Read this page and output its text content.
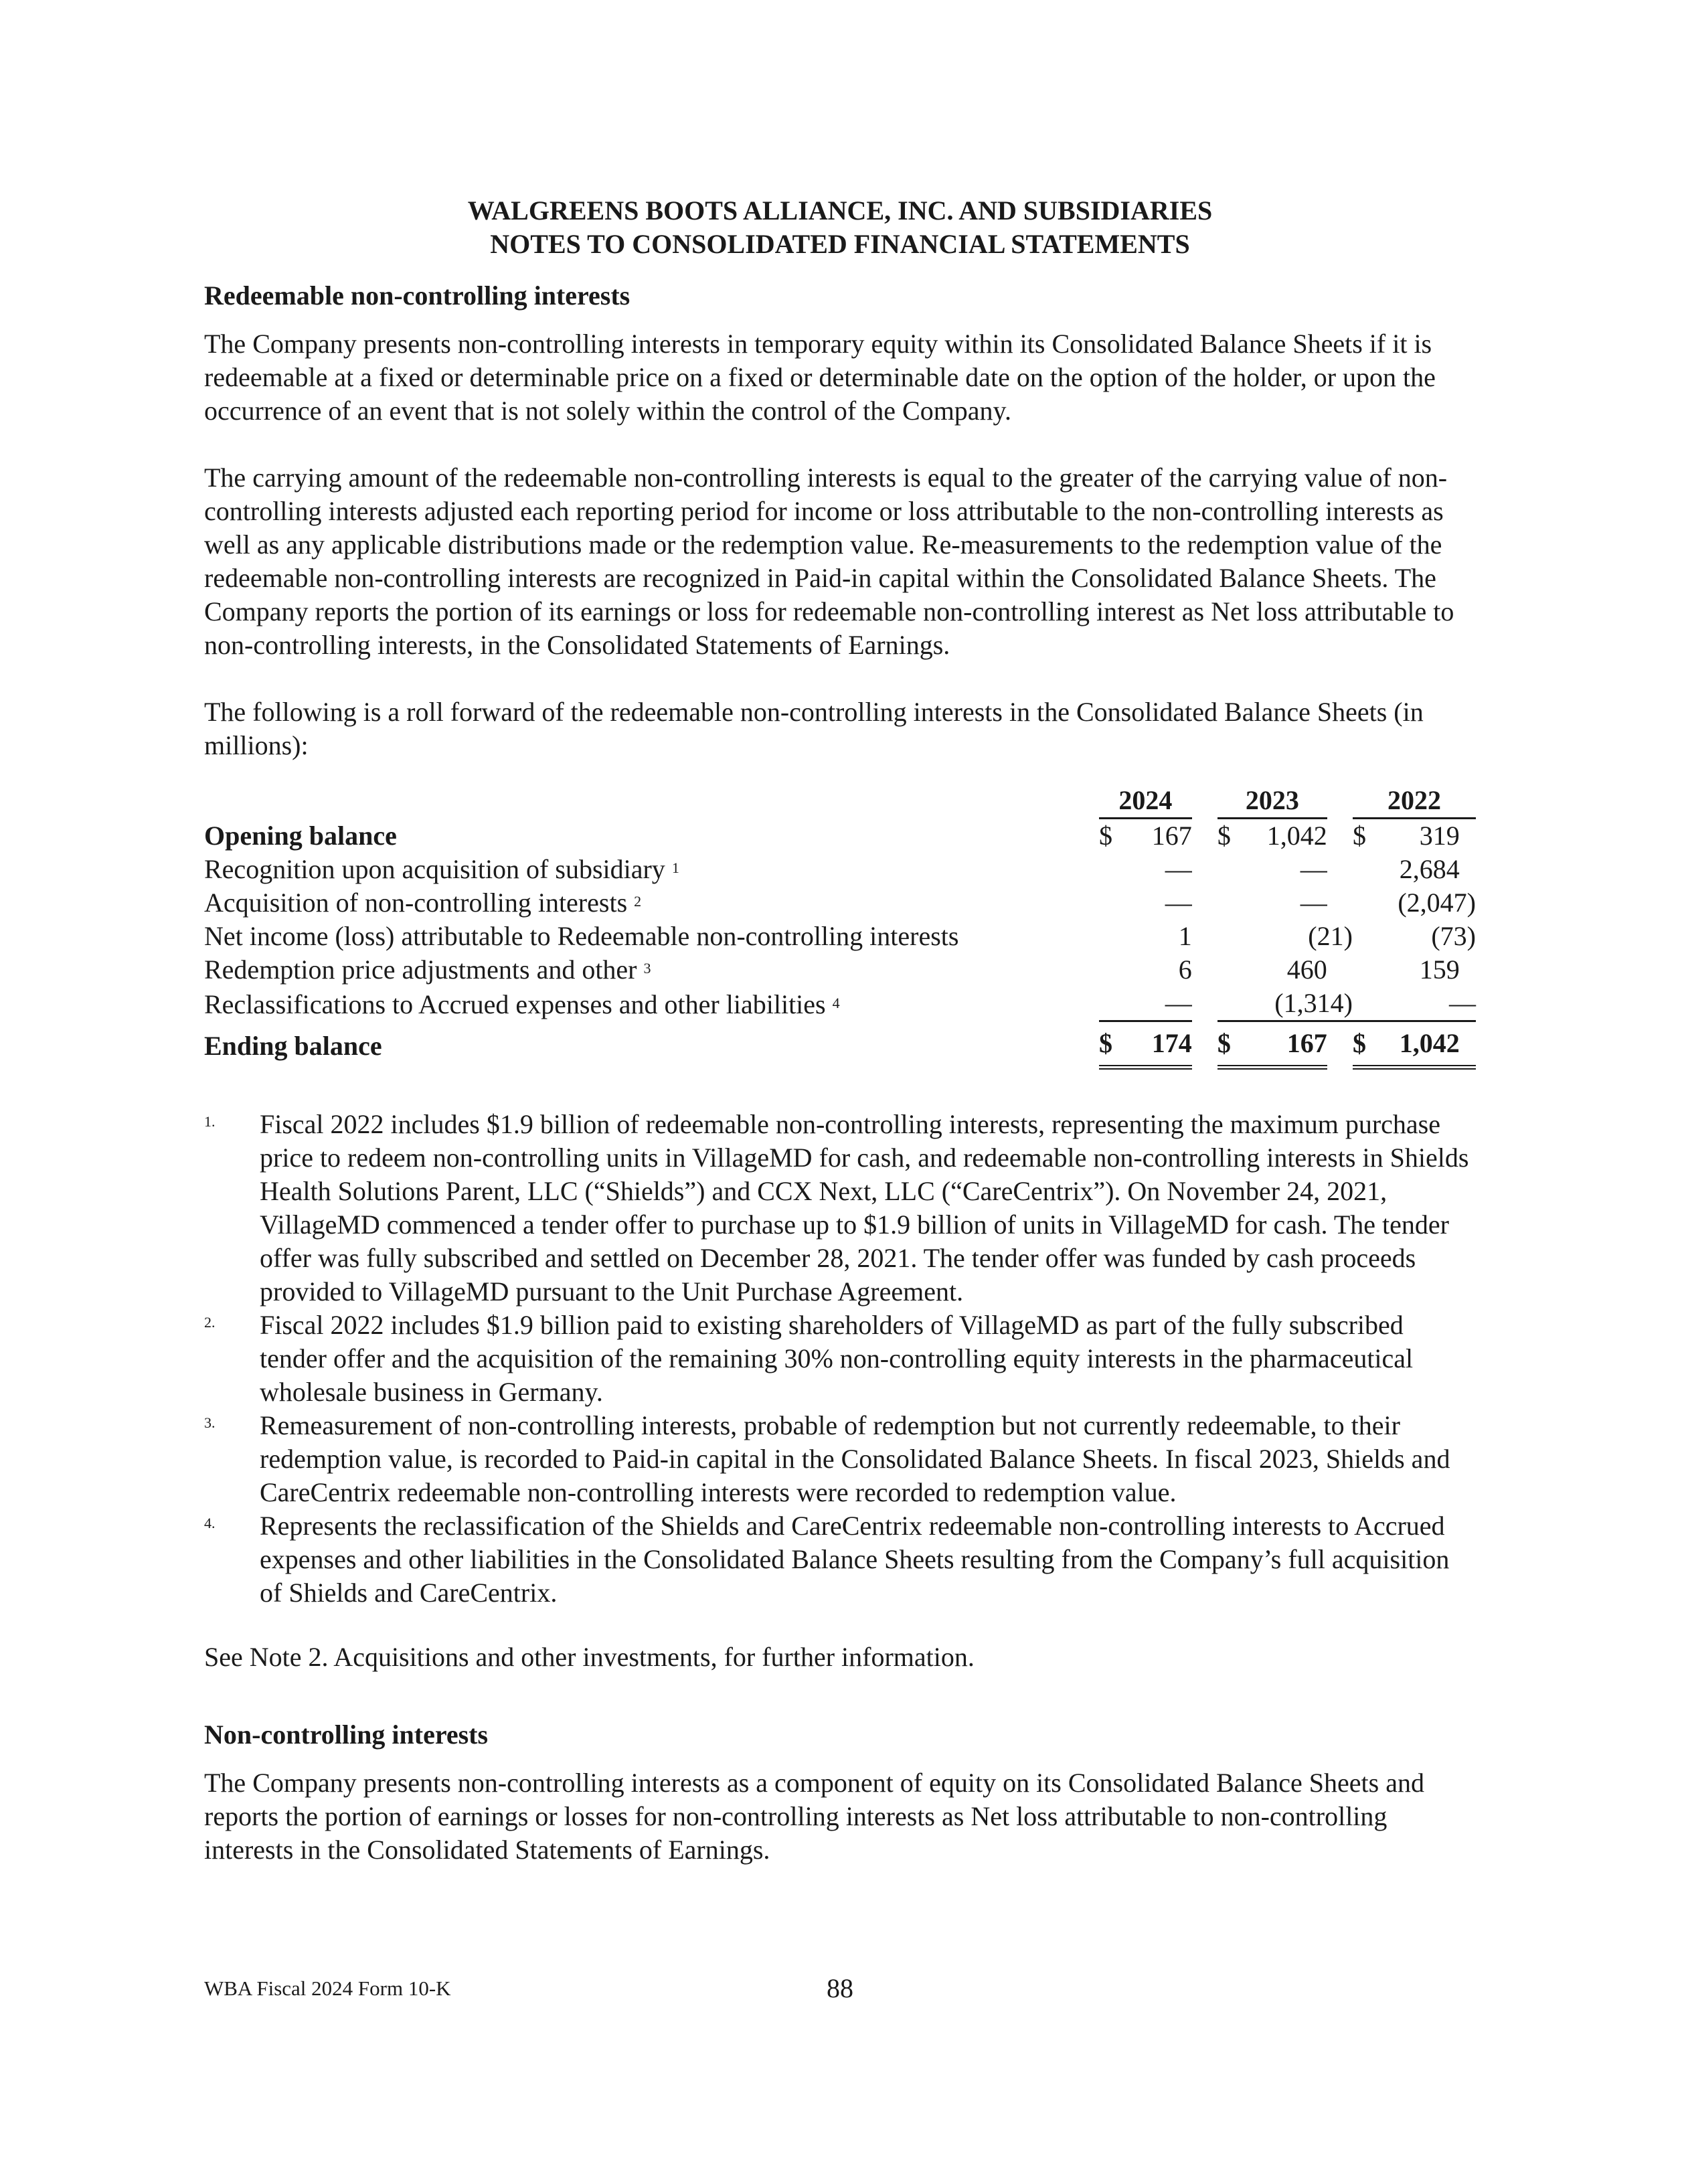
WALGREENS BOOTS ALLIANCE, INC. AND SUBSIDIARIES

NOTES TO CONSOLIDATED FINANCIAL STATEMENTS

Redeemable non-controlling interests

The Company presents non-controlling interests in temporary equity within its Consolidated Balance Sheets if it is redeemable at a fixed or determinable price on a fixed or determinable date on the option of the holder, or upon the occurrence of an event that is not solely within the control of the Company.

The carrying amount of the redeemable non-controlling interests is equal to the greater of the carrying value of non-controlling interests adjusted each reporting period for income or loss attributable to the non-controlling interests as well as any applicable distributions made or the redemption value. Re-measurements to the redemption value of the redeemable non-controlling interests are recognized in Paid-in capital within the Consolidated Balance Sheets. The Company reports the portion of its earnings or loss for redeemable non-controlling interest as Net loss attributable to non-controlling interests, in the Consolidated Statements of Earnings.

The following is a roll forward of the redeemable non-controlling interests in the Consolidated Balance Sheets (in millions):

	2024			2023			2022		
Opening balance	$	167		$	1,042		$	319	
Recognition upon acquisition of subsidiary $^1$		—			—			2,684	
Acquisition of non-controlling interests $^2$		—			—			(2,047)	
Net income (loss) attributable to Redeemable non-controlling interests		1			(21)			(73)	
Redemption price adjustments and other $^3$		6			460			159	
Reclassifications to Accrued expenses and other liabilities $^4$		—			(1,314)			—	
Ending balance	$	174		$	167		$	1,042	
1. Fiscal 2022 includes $1.9 billion of redeemable non-controlling interests, representing the maximum purchase price to redeem non-controlling units in VillageMD for cash, and redeemable non-controlling interests in Shields Health Solutions Parent, LLC (“Shields”) and CCX Next, LLC (“CareCentrix”). On November 24, 2021, VillageMD commenced a tender offer to purchase up to $1.9 billion of units in VillageMD for cash. The tender offer was fully subscribed and settled on December 28, 2021. The tender offer was funded by cash proceeds provided to VillageMD pursuant to the Unit Purchase Agreement.
2. Fiscal 2022 includes $1.9 billion paid to existing shareholders of VillageMD as part of the fully subscribed tender offer and the acquisition of the remaining 30% non-controlling equity interests in the pharmaceutical wholesale business in Germany.
3. Remeasurement of non-controlling interests, probable of redemption but not currently redeemable, to their redemption value, is recorded to Paid-in capital in the Consolidated Balance Sheets. In fiscal 2023, Shields and CareCentrix redeemable non-controlling interests were recorded to redemption value.
4. Represents the reclassification of the Shields and CareCentrix redeemable non-controlling interests to Accrued expenses and other liabilities in the Consolidated Balance Sheets resulting from the Company’s full acquisition of Shields and CareCentrix.

See Note 2. Acquisitions and other investments, for further information.

Non-controlling interests

The Company presents non-controlling interests as a component of equity on its Consolidated Balance Sheets and reports the portion of earnings or losses for non-controlling interests as Net loss attributable to non-controlling interests in the Consolidated Statements of Earnings.

WBA Fiscal 2024 Form 10-K	88
